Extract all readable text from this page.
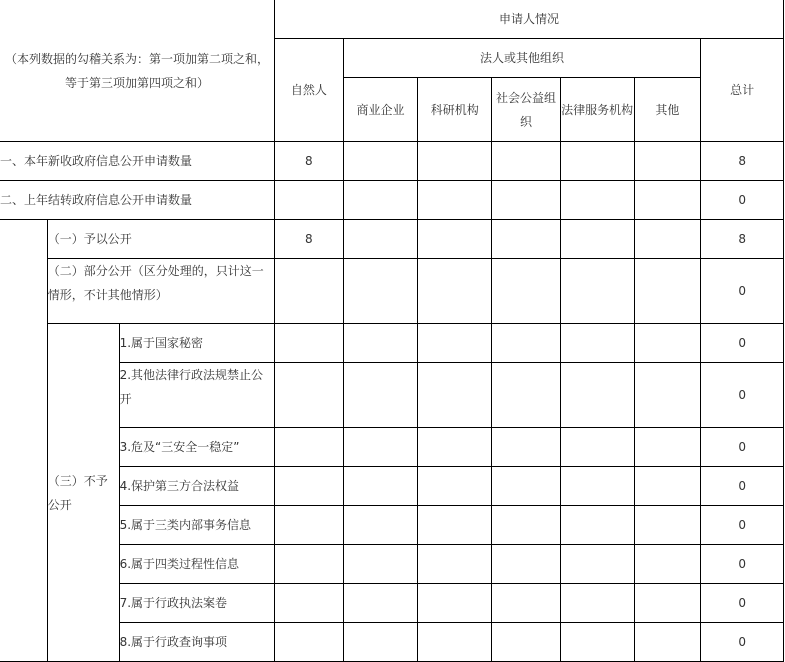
（本列数据的勾稽关系为：第一项加第二项之和，等于第三项加第四项之和）			申请人情况						
			自然人	法人或其他组织					总计
				商业企业	科研机构	社会公益组织	法律服务机构	其他	
一、本年新收政府信息公开申请数量			8						8
二、上年结转政府信息公开申请数量									0
	（一）予以公开		8						8
	（二）部分公开（区分处理的，只计这一情形，不计其他情形）								0
	（三）不予公开	1.属于国家秘密							0
		2.其他法律行政法规禁止公开							0
		3.危及“三安全一稳定”							0
		4.保护第三方合法权益							0
		5.属于三类内部事务信息							0
		6.属于四类过程性信息							0
		7.属于行政执法案卷							0
		8.属于行政查询事项							0
